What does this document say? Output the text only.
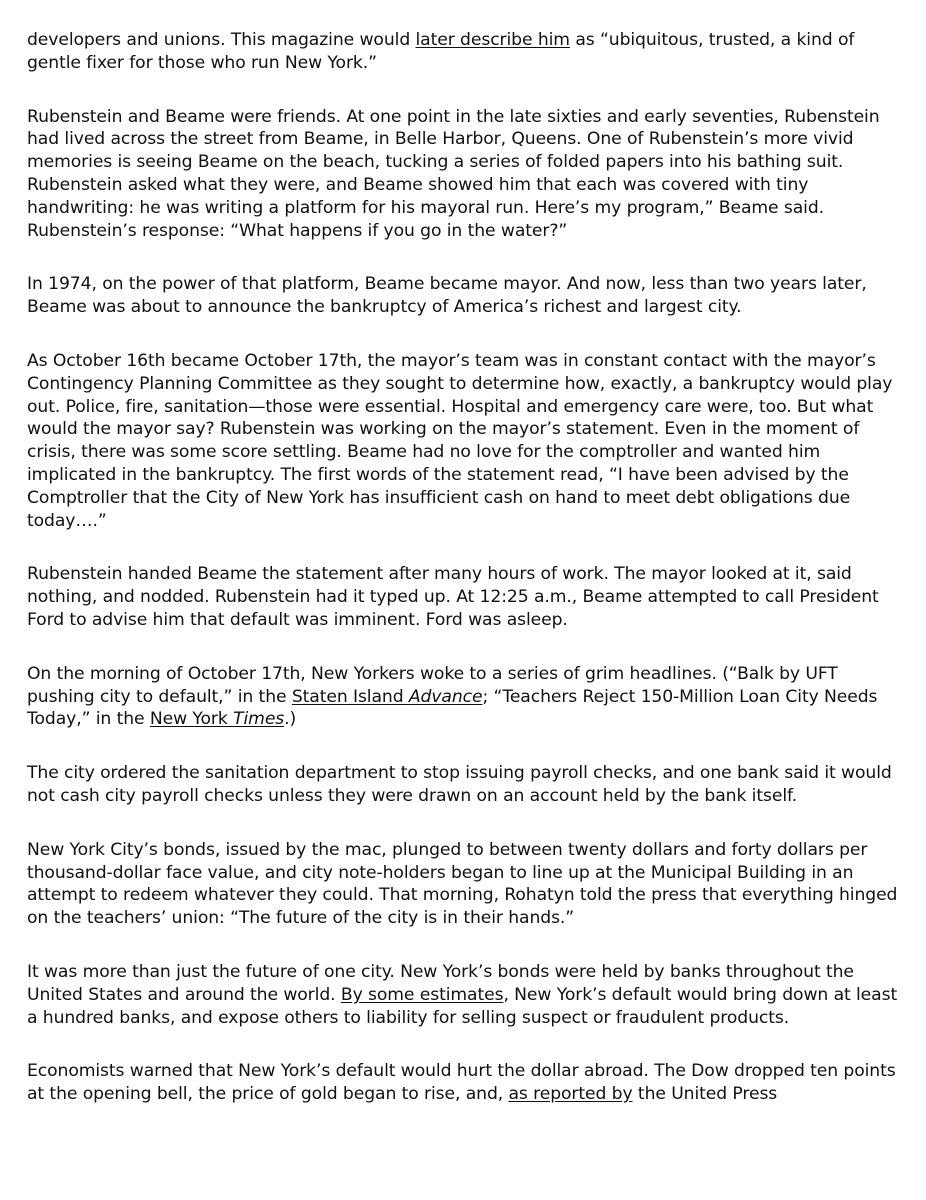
developers and unions. This magazine would later describe him as “ubiquitous, trusted, a kind of gentle fixer for those who run New York.”

Rubenstein and Beame were friends. At one point in the late sixties and early seventies, Rubenstein had lived across the street from Beame, in Belle Harbor, Queens. One of Rubenstein’s more vivid memories is seeing Beame on the beach, tucking a series of folded papers into his bathing suit. Rubenstein asked what they were, and Beame showed him that each was covered with tiny handwriting: he was writing a platform for his mayoral run. Here’s my program,” Beame said. Rubenstein’s response: “What happens if you go in the water?”

In 1974, on the power of that platform, Beame became mayor. And now, less than two years later, Beame was about to announce the bankruptcy of America’s richest and largest city.

As October 16th became October 17th, the mayor’s team was in constant contact with the mayor’s Contingency Planning Committee as they sought to determine how, exactly, a bankruptcy would play out. Police, fire, sanitation—those were essential. Hospital and emergency care were, too. But what would the mayor say? Rubenstein was working on the mayor’s statement. Even in the moment of crisis, there was some score settling. Beame had no love for the comptroller and wanted him implicated in the bankruptcy. The first words of the statement read, “I have been advised by the Comptroller that the City of New York has insufficient cash on hand to meet debt obligations due today….”

Rubenstein handed Beame the statement after many hours of work. The mayor looked at it, said nothing, and nodded. Rubenstein had it typed up. At 12:25 a.m., Beame attempted to call President Ford to advise him that default was imminent. Ford was asleep.

On the morning of October 17th, New Yorkers woke to a series of grim headlines. (“Balk by UFT pushing city to default,” in the Staten Island Advance; “Teachers Reject 150-Million Loan City Needs Today,” in the New York Times.)

The city ordered the sanitation department to stop issuing payroll checks, and one bank said it would not cash city payroll checks unless they were drawn on an account held by the bank itself.

New York City’s bonds, issued by the mac, plunged to between twenty dollars and forty dollars per thousand-dollar face value, and city note-holders began to line up at the Municipal Building in an attempt to redeem whatever they could. That morning, Rohatyn told the press that everything hinged on the teachers’ union: “The future of the city is in their hands.”

It was more than just the future of one city. New York’s bonds were held by banks throughout the United States and around the world. By some estimates, New York’s default would bring down at least a hundred banks, and expose others to liability for selling suspect or fraudulent products.

Economists warned that New York’s default would hurt the dollar abroad. The Dow dropped ten points at the opening bell, the price of gold began to rise, and, as reported by the United Press
